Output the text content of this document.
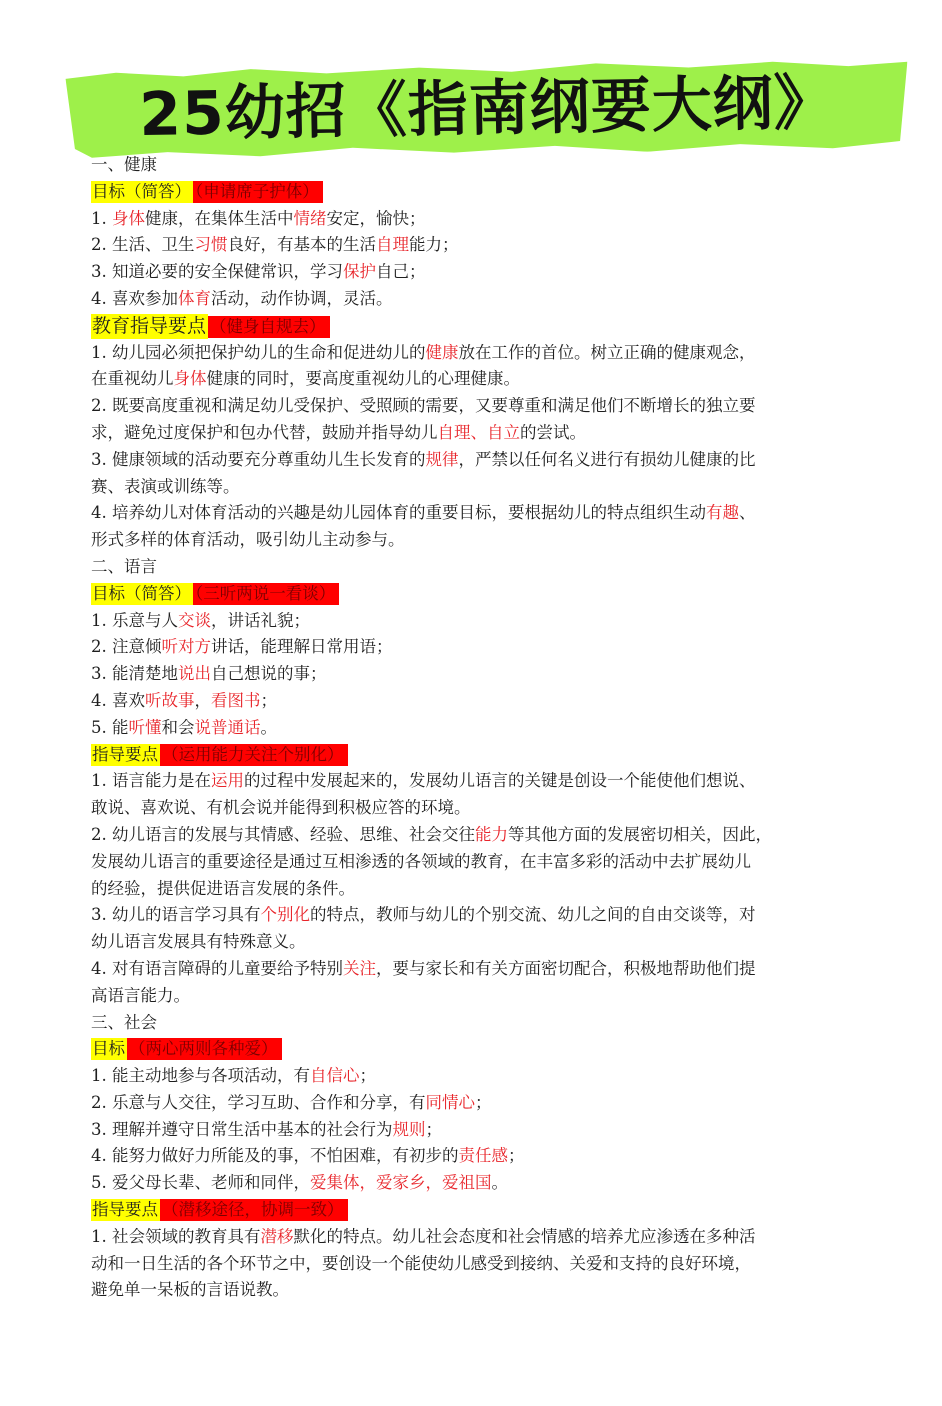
25幼招《指南纲要大纲》
一、健康
目标（简答） （申请席子护体）
1. 身体健康，在集体生活中情绪安定，愉快；
2. 生活、卫生习惯良好，有基本的生活自理能力；
3. 知道必要的安全保健常识，学习保护自己；
4. 喜欢参加体育活动，动作协调，灵活。
教育指导要点 （健身自规去）
1. 幼儿园必须把保护幼儿的生命和促进幼儿的健康放在工作的首位。树立正确的健康观念，
在重视幼儿身体健康的同时，要高度重视幼儿的心理健康。
2. 既要高度重视和满足幼儿受保护、受照顾的需要，又要尊重和满足他们不断增长的独立要
求，避免过度保护和包办代替，鼓励并指导幼儿自理、自立的尝试。
3. 健康领域的活动要充分尊重幼儿生长发育的规律，严禁以任何名义进行有损幼儿健康的比
赛、表演或训练等。
4. 培养幼儿对体育活动的兴趣是幼儿园体育的重要目标，要根据幼儿的特点组织生动有趣、
形式多样的体育活动，吸引幼儿主动参与。
二、语言
目标（简答） （三听两说一看谈）
1. 乐意与人交谈，讲话礼貌；
2. 注意倾听对方讲话，能理解日常用语；
3. 能清楚地说出自己想说的事；
4. 喜欢听故事，看图书；
5. 能听懂和会说普通话。
指导要点 （运用能力关注个别化）
1. 语言能力是在运用的过程中发展起来的，发展幼儿语言的关键是创设一个能使他们想说、
敢说、喜欢说、有机会说并能得到积极应答的环境。
2. 幼儿语言的发展与其情感、经验、思维、社会交往能力等其他方面的发展密切相关，因此，
发展幼儿语言的重要途径是通过互相渗透的各领域的教育，在丰富多彩的活动中去扩展幼儿
的经验，提供促进语言发展的条件。
3. 幼儿的语言学习具有个别化的特点，教师与幼儿的个别交流、幼儿之间的自由交谈等，对
幼儿语言发展具有特殊意义。
4. 对有语言障碍的儿童要给予特别关注，要与家长和有关方面密切配合，积极地帮助他们提
高语言能力。
三、社会
目标 （两心两则各种爱）
1. 能主动地参与各项活动，有自信心；
2. 乐意与人交往，学习互助、合作和分享，有同情心；
3. 理解并遵守日常生活中基本的社会行为规则；
4. 能努力做好力所能及的事，不怕困难，有初步的责任感；
5. 爱父母长辈、老师和同伴，爱集体，爱家乡，爱祖国。
指导要点 （潜移途径，协调一致）
1. 社会领域的教育具有潜移默化的特点。幼儿社会态度和社会情感的培养尤应渗透在多种活
动和一日生活的各个环节之中，要创设一个能使幼儿感受到接纳、关爱和支持的良好环境，
避免单一呆板的言语说教。
